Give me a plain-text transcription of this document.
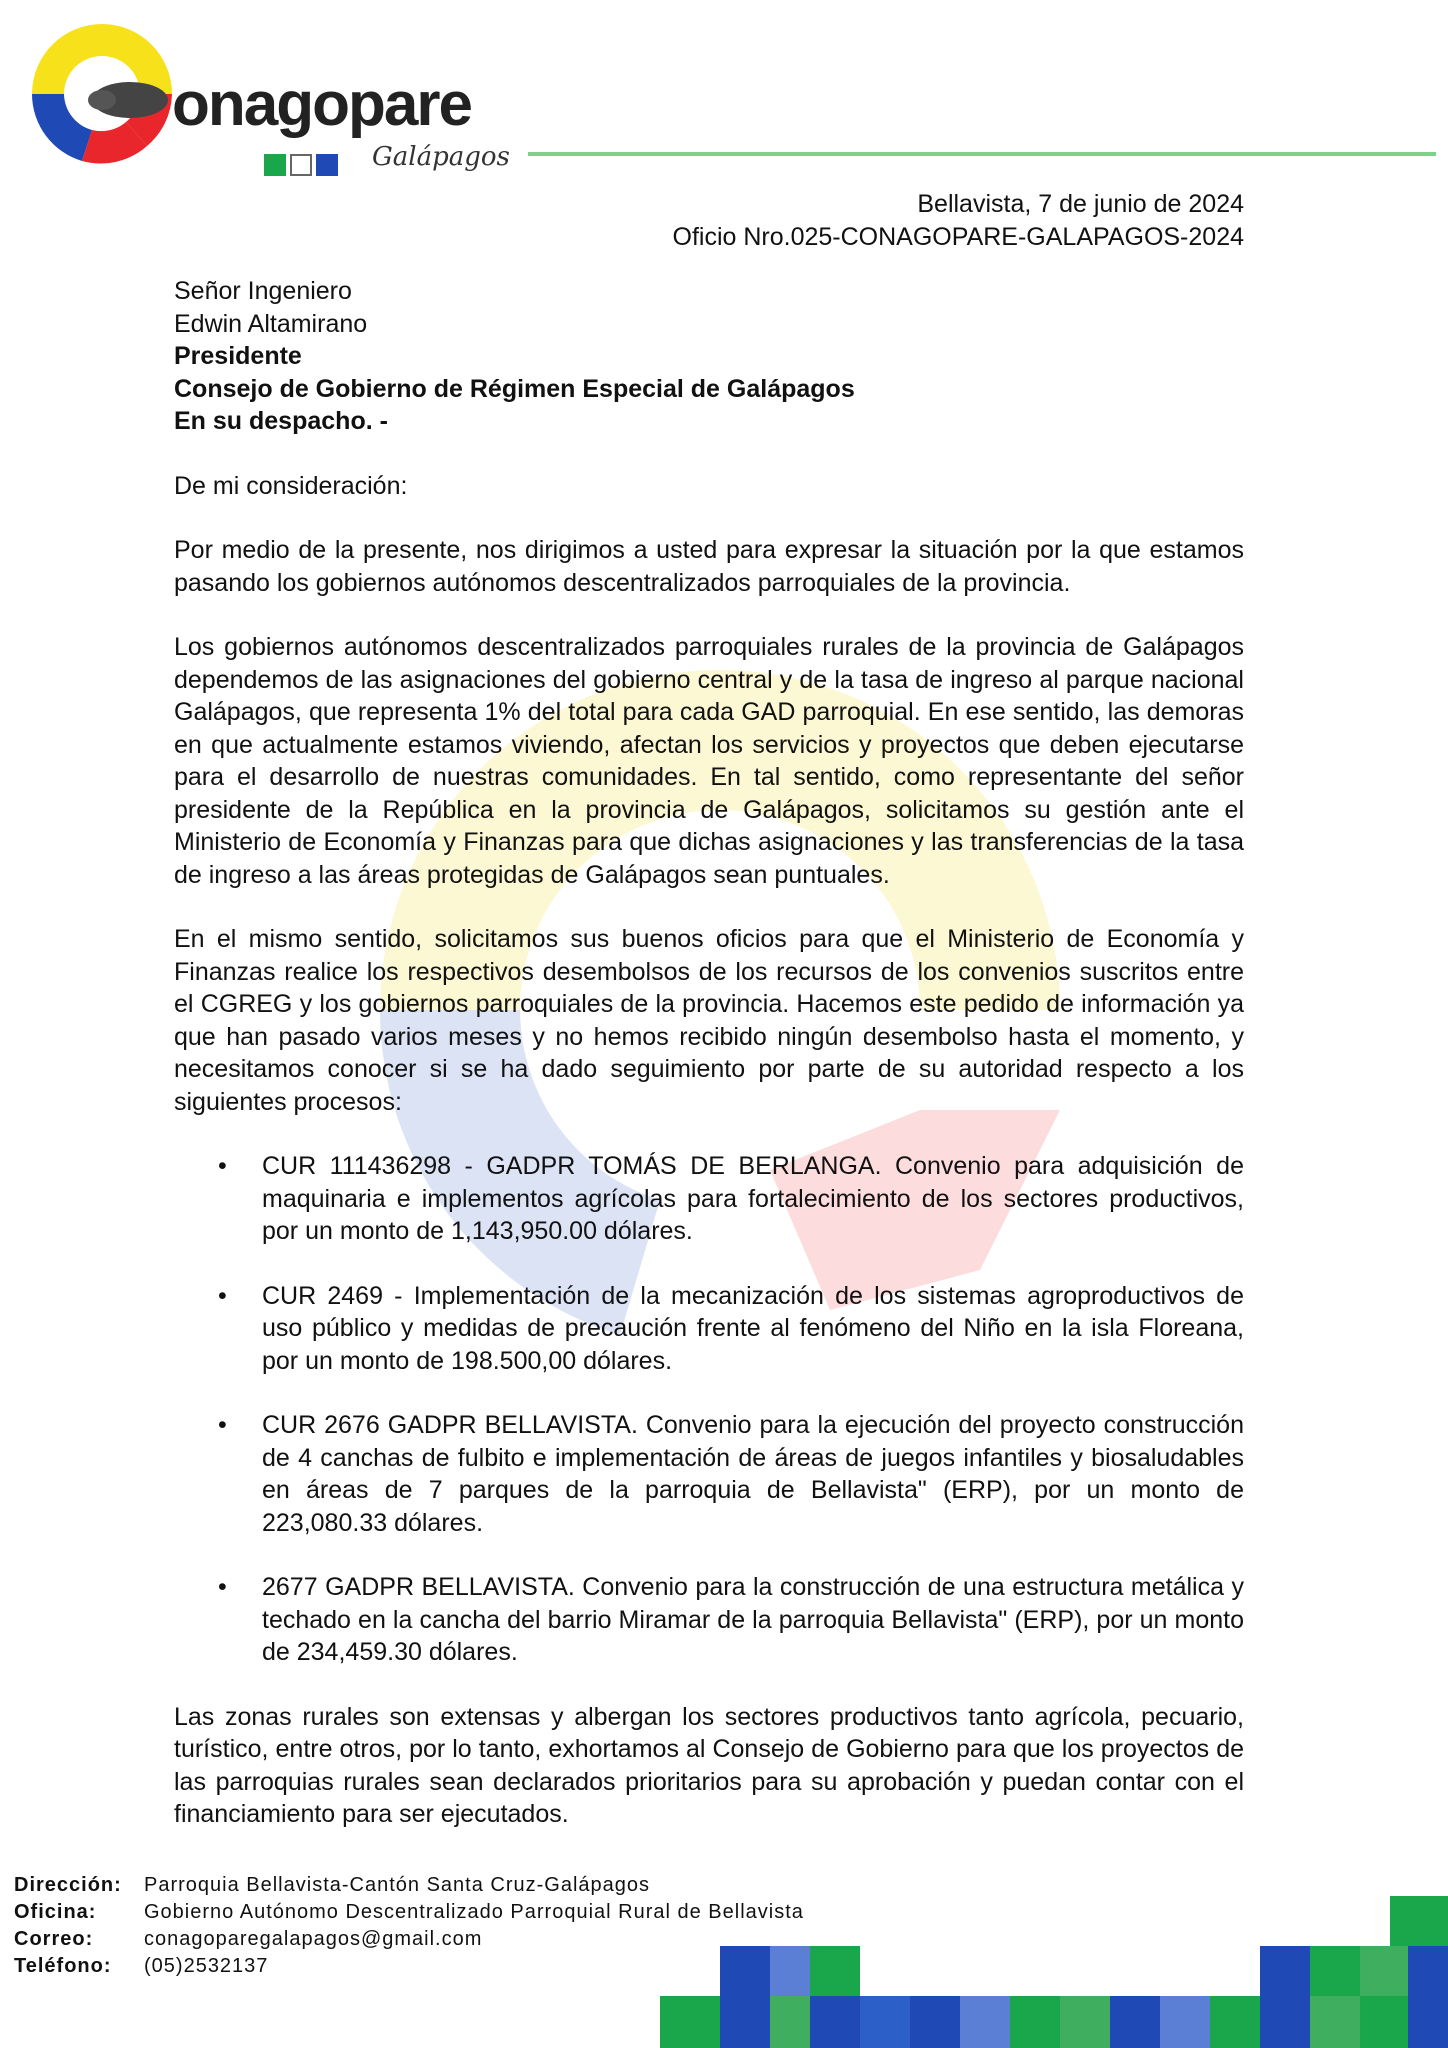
onagopare
Galápagos
Bellavista, 7 de junio de 2024
Oficio Nro.025-CONAGOPARE-GALAPAGOS-2024
Señor Ingeniero
Edwin Altamirano
Presidente
Consejo de Gobierno de Régimen Especial de Galápagos
En su despacho. -
De mi consideración:

Por medio de la presente, nos dirigimos a usted para expresar la situación por la que estamos pasando los gobiernos autónomos descentralizados parroquiales de la provincia.

Los gobiernos autónomos descentralizados parroquiales rurales de la provincia de Galápagos dependemos de las asignaciones del gobierno central y de la tasa de ingreso al parque nacional Galápagos, que representa 1% del total para cada GAD parroquial. En ese sentido, las demoras en que actualmente estamos viviendo, afectan los servicios y proyectos que deben ejecutarse para el desarrollo de nuestras comunidades. En tal sentido, como representante del señor presidente de la República en la provincia de Galápagos, solicitamos su gestión ante el Ministerio de Economía y Finanzas para que dichas asignaciones y las transferencias de la tasa de ingreso a las áreas protegidas de Galápagos sean puntuales.

En el mismo sentido, solicitamos sus buenos oficios para que el Ministerio de Economía y Finanzas realice los respectivos desembolsos de los recursos de los convenios suscritos entre el CGREG y los gobiernos parroquiales de la provincia. Hacemos este pedido de información ya que han pasado varios meses y no hemos recibido ningún desembolso hasta el momento, y necesitamos conocer si se ha dado seguimiento por parte de su autoridad respecto a los siguientes procesos:

• CUR 111436298 - GADPR TOMÁS DE BERLANGA. Convenio para adquisición de maquinaria e implementos agrícolas para fortalecimiento de los sectores productivos, por un monto de 1,143,950.00 dólares.
• CUR 2469 - Implementación de la mecanización de los sistemas agroproductivos de uso público y medidas de precaución frente al fenómeno del Niño en la isla Floreana, por un monto de 198.500,00 dólares.
• CUR 2676 GADPR BELLAVISTA. Convenio para la ejecución del proyecto construcción de 4 canchas de fulbito e implementación de áreas de juegos infantiles y biosaludables en áreas de 7 parques de la parroquia de Bellavista" (ERP), por un monto de 223,080.33 dólares.
• 2677 GADPR BELLAVISTA. Convenio para la construcción de una estructura metálica y techado en la cancha del barrio Miramar de la parroquia Bellavista" (ERP), por un monto de 234,459.30 dólares.

Las zonas rurales son extensas y albergan los sectores productivos tanto agrícola, pecuario, turístico, entre otros, por lo tanto, exhortamos al Consejo de Gobierno para que los proyectos de las parroquias rurales sean declarados prioritarios para su aprobación y puedan contar con el financiamiento para ser ejecutados.

Dirección:	Parroquia Bellavista-Cantón Santa Cruz-Galápagos
Oficina:	Gobierno Autónomo Descentralizado Parroquial Rural de Bellavista
Correo:	conagoparegalapagos@gmail.com
Teléfono:	(05)2532137
